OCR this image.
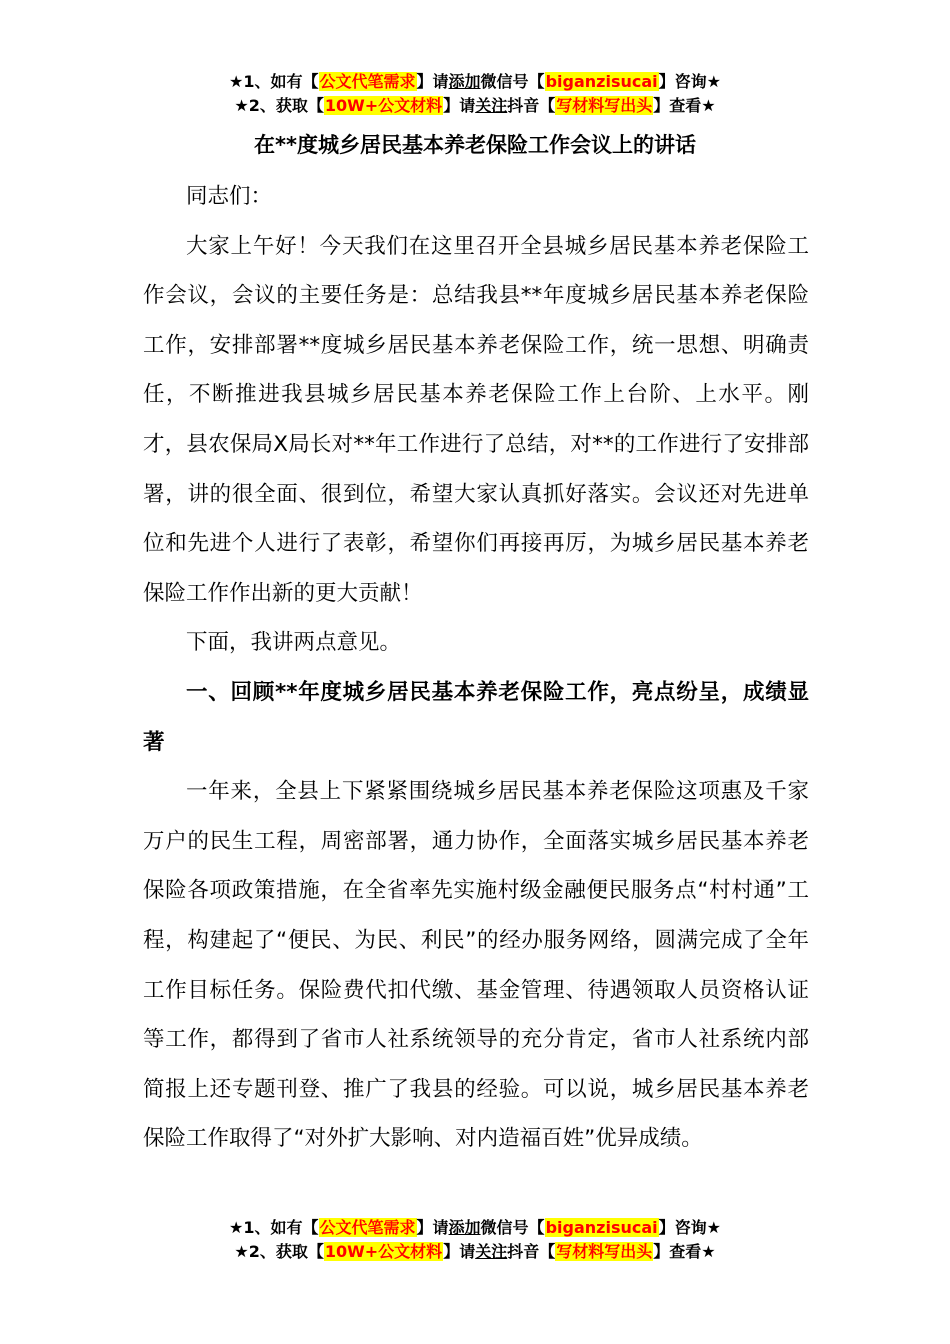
★1、如有【公文代笔需求】请添加微信号【biganzisucai】咨询★
★2、获取【10W+公文材料】请关注抖音【写材料写出头】查看★
在**度城乡居民基本养老保险工作会议上的讲话

同志们：

大家上午好！今天我们在这里召开全县城乡居民基本养老保险工作会议，会议的主要任务是：总结我县**年度城乡居民基本养老保险工作，安排部署**度城乡居民基本养老保险工作，统一思想、明确责任，不断推进我县城乡居民基本养老保险工作上台阶、上水平。刚才，县农保局X局长对**年工作进行了总结，对**的工作进行了安排部署，讲的很全面、很到位，希望大家认真抓好落实。会议还对先进单位和先进个人进行了表彰，希望你们再接再厉，为城乡居民基本养老保险工作作出新的更大贡献！

下面，我讲两点意见。

一、回顾**年度城乡居民基本养老保险工作，亮点纷呈，成绩显著

一年来，全县上下紧紧围绕城乡居民基本养老保险这项惠及千家万户的民生工程，周密部署，通力协作，全面落实城乡居民基本养老保险各项政策措施，在全省率先实施村级金融便民服务点“村村通”工程，构建起了“便民、为民、利民”的经办服务网络，圆满完成了全年工作目标任务。保险费代扣代缴、基金管理、待遇领取人员资格认证等工作，都得到了省市人社系统领导的充分肯定，省市人社系统内部简报上还专题刊登、推广了我县的经验。可以说，城乡居民基本养老保险工作取得了“对外扩大影响、对内造福百姓”优异成绩。

★1、如有【公文代笔需求】请添加微信号【biganzisucai】咨询★
★2、获取【10W+公文材料】请关注抖音【写材料写出头】查看★
